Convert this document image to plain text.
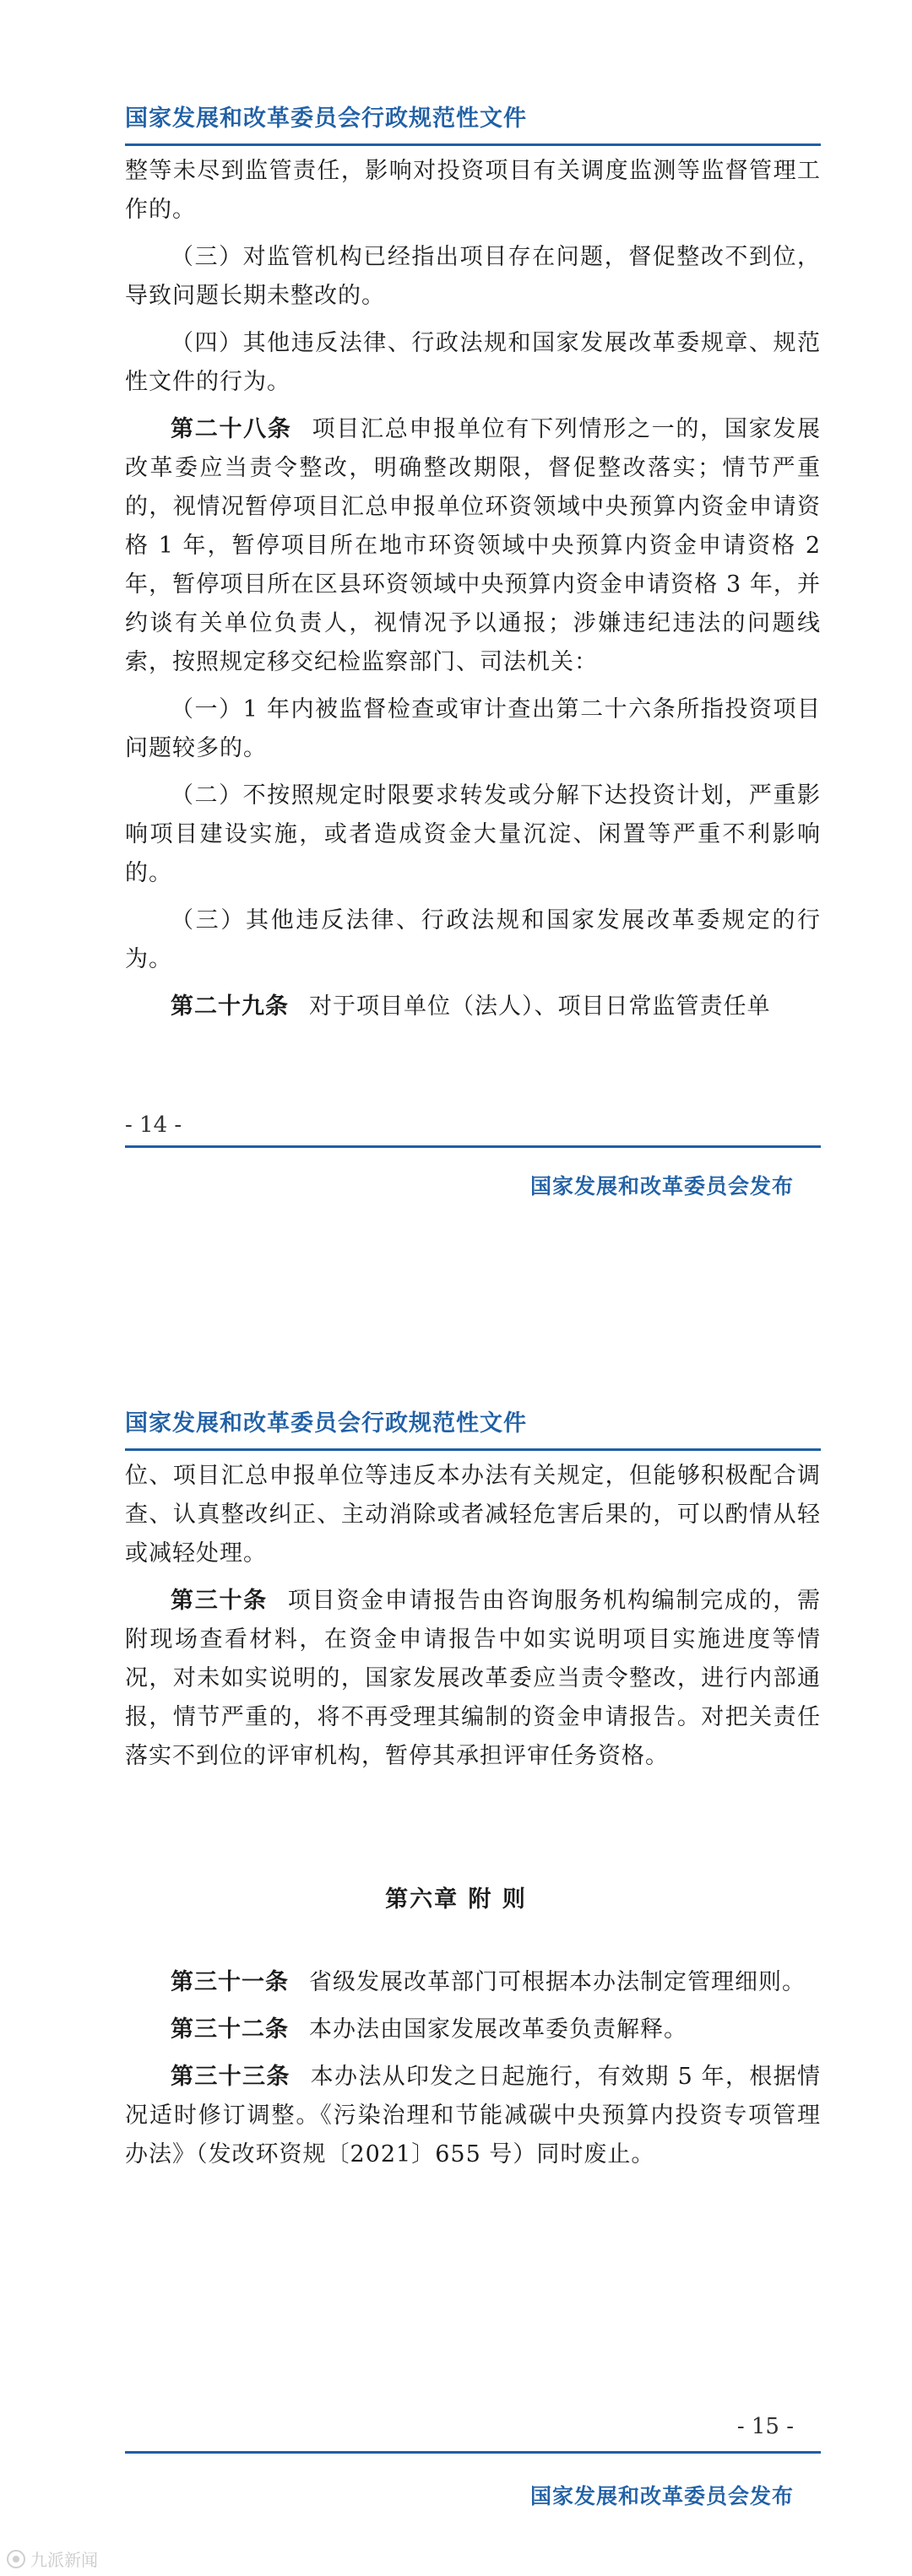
国家发展和改革委员会行政规范性文件

整等未尽到监管责任，影响对投资项目有关调度监测等监督管理工作的。

（三）对监管机构已经指出项目存在问题，督促整改不到位，导致问题长期未整改的。

（四）其他违反法律、行政法规和国家发展改革委规章、规范性文件的行为。

第二十八条 项目汇总申报单位有下列情形之一的，国家发展改革委应当责令整改，明确整改期限，督促整改落实；情节严重的，视情况暂停项目汇总申报单位环资领域中央预算内资金申请资格 1 年，暂停项目所在地市环资领域中央预算内资金申请资格 2 年，暂停项目所在区县环资领域中央预算内资金申请资格 3 年，并约谈有关单位负责人，视情况予以通报；涉嫌违纪违法的问题线索，按照规定移交纪检监察部门、司法机关：

（一）1 年内被监督检查或审计查出第二十六条所指投资项目问题较多的。

（二）不按照规定时限要求转发或分解下达投资计划，严重影响项目建设实施，或者造成资金大量沉淀、闲置等严重不利影响的。

（三）其他违反法律、行政法规和国家发展改革委规定的行为。

第二十九条 对于项目单位（法人）、项目日常监管责任单

- 14 -
国家发展和改革委员会发布
国家发展和改革委员会行政规范性文件

位、项目汇总申报单位等违反本办法有关规定，但能够积极配合调查、认真整改纠正、主动消除或者减轻危害后果的，可以酌情从轻或减轻处理。

第三十条 项目资金申请报告由咨询服务机构编制完成的，需附现场查看材料，在资金申请报告中如实说明项目实施进度等情况，对未如实说明的，国家发展改革委应当责令整改，进行内部通报，情节严重的，将不再受理其编制的资金申请报告。对把关责任落实不到位的评审机构，暂停其承担评审任务资格。

第六章 附 则

第三十一条 省级发展改革部门可根据本办法制定管理细则。

第三十二条 本办法由国家发展改革委负责解释。

第三十三条 本办法从印发之日起施行，有效期 5 年，根据情况适时修订调整。《污染治理和节能减碳中央预算内投资专项管理办法》（发改环资规〔2021〕655 号）同时废止。

- 15 -
国家发展和改革委员会发布
九派新闻
